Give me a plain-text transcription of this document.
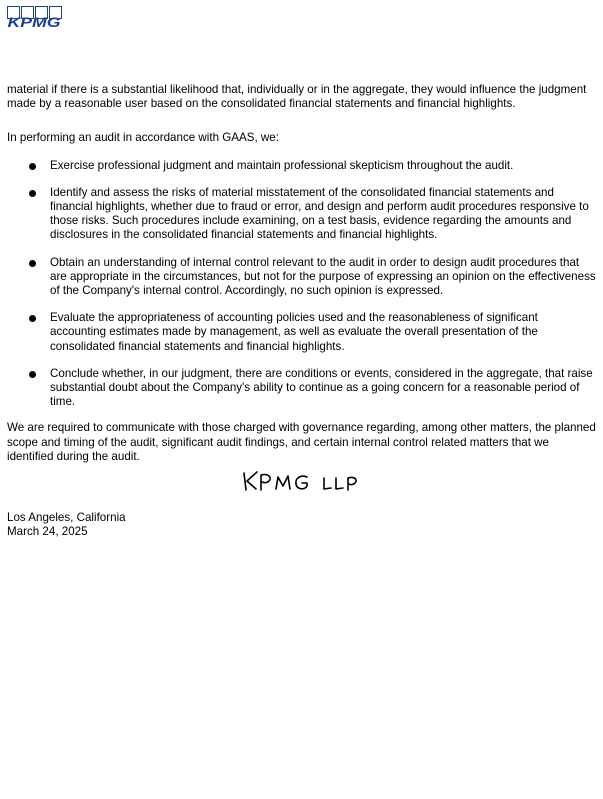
KPMG

material if there is a substantial likelihood that, individually or in the aggregate, they would influence the judgment made by a reasonable user based on the consolidated financial statements and financial highlights.

In performing an audit in accordance with GAAS, we:

Exercise professional judgment and maintain professional skepticism throughout the audit.
Identify and assess the risks of material misstatement of the consolidated financial statements and financial highlights, whether due to fraud or error, and design and perform audit procedures responsive to those risks. Such procedures include examining, on a test basis, evidence regarding the amounts and disclosures in the consolidated financial statements and financial highlights.
Obtain an understanding of internal control relevant to the audit in order to design audit procedures that are appropriate in the circumstances, but not for the purpose of expressing an opinion on the effectiveness of the Company's internal control. Accordingly, no such opinion is expressed.
Evaluate the appropriateness of accounting policies used and the reasonableness of significant accounting estimates made by management, as well as evaluate the overall presentation of the consolidated financial statements and financial highlights.
Conclude whether, in our judgment, there are conditions or events, considered in the aggregate, that raise substantial doubt about the Company's ability to continue as a going concern for a reasonable period of time.

We are required to communicate with those charged with governance regarding, among other matters, the planned scope and timing of the audit, significant audit findings, and certain internal control related matters that we identified during the audit.

Los Angeles, California
March 24, 2025
